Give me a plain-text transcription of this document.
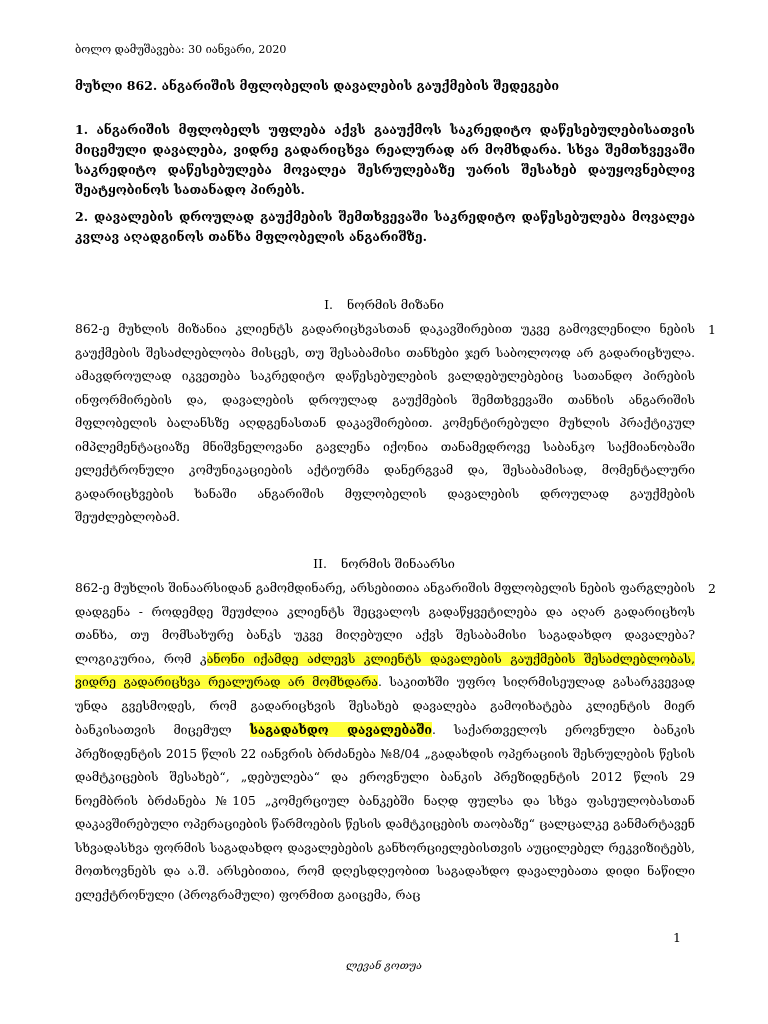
ბოლო დამუშავება: 30 იანვარი, 2020
მუხლი 862. ანგარიშის მფლობელის დავალების გაუქმების შედეგები
1. ანგარიშის მფლობელს უფლება აქვს გააუქმოს საკრედიტო დაწესებულებისათვის მიცემული დავალება, ვიდრე გადარიცხვა რეალურად არ მომხდარა. სხვა შემთხვევაში საკრედიტო დაწესებულება მოვალეა შესრულებაზე უარის შესახებ დაუყოვნებლივ შეატყობინოს სათანადო პირებს.
2. დავალების დროულად გაუქმების შემთხვევაში საკრედიტო დაწესებულება მოვალეა კვლავ აღადგინოს თანხა მფლობელის ანგარიშზე.
I. ნორმის მიზანი
862-ე მუხლის მიზანია კლიენტს გადარიცხვასთან დაკავშირებით უკვე გამოვლენილი ნების გაუქმების შესაძლებლობა მისცეს, თუ შესაბამისი თანხები ჯერ საბოლოოდ არ გადარიცხულა. ამავდროულად იკვეთება საკრედიტო დაწესებულების ვალდებულებებიც სათანდო პირების ინფორმირების და, დავალების დროულად გაუქმების შემთხვევაში თანხის ანგარიშის მფლობელის ბალანსზე აღდგენასთან დაკავშირებით. კომენტირებული მუხლის პრაქტიკულ იმპლემენტაციაზე მნიშვნელოვანი გავლენა იქონია თანამედროვე საბანკო საქმიანობაში ელექტრონული კომუნიკაციების აქტიურმა დანერგვამ და, შესაბამისად, მომენტალური გადარიცხვების ხანაში ანგარიშის მფლობელის დავალების დროულად გაუქმების შეუძლებლობამ.
1
II. ნორმის შინაარსი
862-ე მუხლის შინაარსიდან გამომდინარე, არსებითია ანგარიშის მფლობელის ნების ფარგლების დადგენა - როდემდე შეუძლია კლიენტს შეცვალოს გადაწყვეტილება და აღარ გადარიცხოს თანხა, თუ მომსახურე ბანკს უკვე მიღებული აქვს შესაბამისი საგადახდო დავალება? ლოგიკურია, რომ კანონი იქამდე აძლევს კლიენტს დავალების გაუქმების შესაძლებლობას, ვიდრე გადარიცხვა რეალურად არ მომხდარა. საკითხში უფრო სიღრმისეულად გასარკვევად უნდა გვესმოდეს, რომ გადარიცხვის შესახებ დავალება გამოიხატება კლიენტის მიერ ბანკისათვის მიცემულ საგადახდო დავალებაში. საქართველოს ეროვნული ბანკის პრეზიდენტის 2015 წლის 22 იანვრის ბრძანება №8/04 „გადახდის ოპერაციის შესრულების წესის დამტკიცების შესახებ“, „დებულება“ და ეროვნული ბანკის პრეზიდენტის 2012 წლის 29 ნოემბრის ბრძანება №105 „კომერციულ ბანკებში ნაღდ ფულსა და სხვა ფასეულობასთან დაკავშირებული ოპერაციების წარმოების წესის დამტკიცების თაობაზე“ ცალცალკე განმარტავენ სხვადასხვა ფორმის საგადახდო დავალებების განხორციელებისთვის აუცილებელ რეკვიზიტებს, მოთხოვნებს და ა.შ. არსებითია, რომ დღესდღეობით საგადახდო დავალებათა დიდი ნაწილი ელექტრონული (პროგრამული) ფორმით გაიცემა, რაც
2
1
ლევან გოთუა
